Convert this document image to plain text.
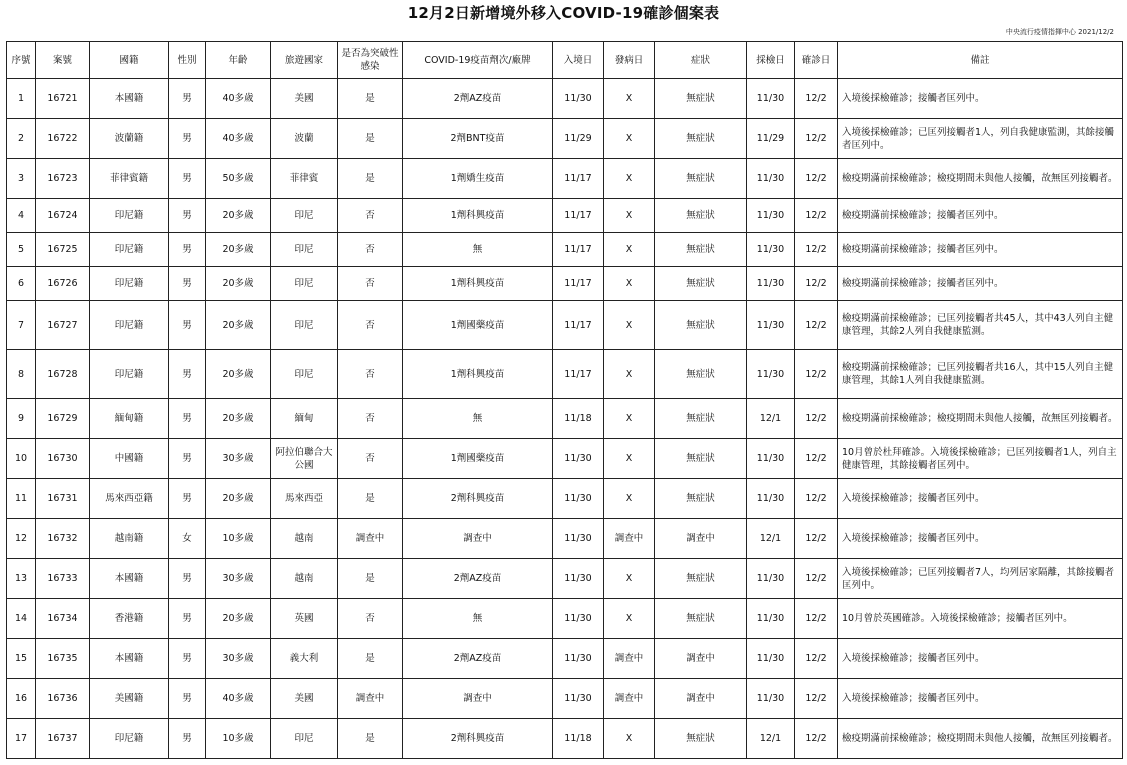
12月2日新增境外移入COVID-19確診個案表
中央流行疫情指揮中心 2021/12/2
序號	案號	國籍	性別	年齡	旅遊國家	是否為突破性感染	COVID-19疫苗劑次/廠牌	入境日	發病日	症狀	採檢日	確診日	備註
1	16721	本國籍	男	40多歲	美國	是	2劑AZ疫苗	11/30	X	無症狀	11/30	12/2	入境後採檢確診；接觸者匡列中。
2	16722	波蘭籍	男	40多歲	波蘭	是	2劑BNT疫苗	11/29	X	無症狀	11/29	12/2	入境後採檢確診；已匡列接觸者1人，列自我健康監測，其餘接觸者匡列中。
3	16723	菲律賓籍	男	50多歲	菲律賓	是	1劑嬌生疫苗	11/17	X	無症狀	11/30	12/2	檢疫期滿前採檢確診；檢疫期間未與他人接觸，故無匡列接觸者。
4	16724	印尼籍	男	20多歲	印尼	否	1劑科興疫苗	11/17	X	無症狀	11/30	12/2	檢疫期滿前採檢確診；接觸者匡列中。
5	16725	印尼籍	男	20多歲	印尼	否	無	11/17	X	無症狀	11/30	12/2	檢疫期滿前採檢確診；接觸者匡列中。
6	16726	印尼籍	男	20多歲	印尼	否	1劑科興疫苗	11/17	X	無症狀	11/30	12/2	檢疫期滿前採檢確診；接觸者匡列中。
7	16727	印尼籍	男	20多歲	印尼	否	1劑國藥疫苗	11/17	X	無症狀	11/30	12/2	檢疫期滿前採檢確診；已匡列接觸者共45人，其中43人列自主健康管理，其餘2人列自我健康監測。
8	16728	印尼籍	男	20多歲	印尼	否	1劑科興疫苗	11/17	X	無症狀	11/30	12/2	檢疫期滿前採檢確診；已匡列接觸者共16人，其中15人列自主健康管理，其餘1人列自我健康監測。
9	16729	緬甸籍	男	20多歲	緬甸	否	無	11/18	X	無症狀	12/1	12/2	檢疫期滿前採檢確診；檢疫期間未與他人接觸，故無匡列接觸者。
10	16730	中國籍	男	30多歲	阿拉伯聯合大公國	否	1劑國藥疫苗	11/30	X	無症狀	11/30	12/2	10月曾於杜拜確診。入境後採檢確診；已匡列接觸者1人，列自主健康管理，其餘接觸者匡列中。
11	16731	馬來西亞籍	男	20多歲	馬來西亞	是	2劑科興疫苗	11/30	X	無症狀	11/30	12/2	入境後採檢確診；接觸者匡列中。
12	16732	越南籍	女	10多歲	越南	調查中	調查中	11/30	調查中	調查中	12/1	12/2	入境後採檢確診；接觸者匡列中。
13	16733	本國籍	男	30多歲	越南	是	2劑AZ疫苗	11/30	X	無症狀	11/30	12/2	入境後採檢確診；已匡列接觸者7人，均列居家隔離，其餘接觸者匡列中。
14	16734	香港籍	男	20多歲	英國	否	無	11/30	X	無症狀	11/30	12/2	10月曾於英國確診。入境後採檢確診；接觸者匡列中。
15	16735	本國籍	男	30多歲	義大利	是	2劑AZ疫苗	11/30	調查中	調查中	11/30	12/2	入境後採檢確診；接觸者匡列中。
16	16736	美國籍	男	40多歲	美國	調查中	調查中	11/30	調查中	調查中	11/30	12/2	入境後採檢確診；接觸者匡列中。
17	16737	印尼籍	男	10多歲	印尼	是	2劑科興疫苗	11/18	X	無症狀	12/1	12/2	檢疫期滿前採檢確診；檢疫期間未與他人接觸，故無匡列接觸者。
